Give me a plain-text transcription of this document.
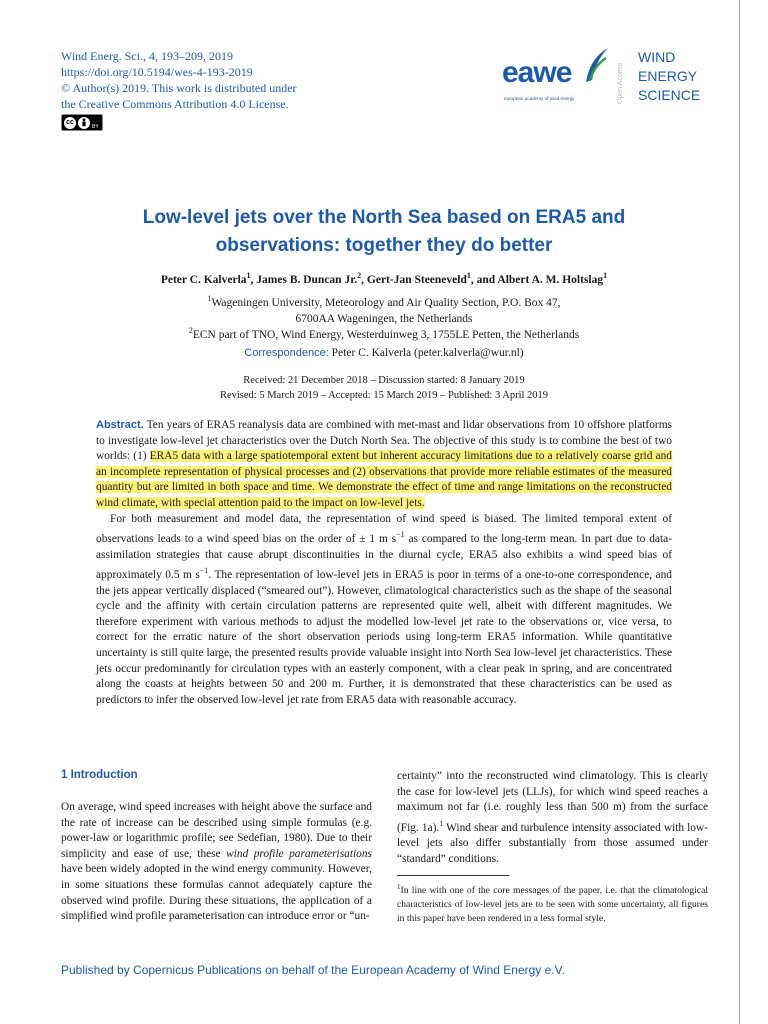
Wind Energ. Sci., 4, 193–209, 2019
https://doi.org/10.5194/wes-4-193-2019
© Author(s) 2019. This work is distributed under
the Creative Commons Attribution 4.0 License.
cc
BY
eawe
european academy of wind energy	Open Access
WIND
ENERGY
SCIENCE
Low-level jets over the North Sea based on ERA5 and
observations: together they do better
Peter C. Kalverla$^1$, James B. Duncan Jr.$^2$, Gert-Jan Steeneveld$^1$, and Albert A. M. Holtslag$^1$
$^1$Wageningen University, Meteorology and Air Quality Section, P.O. Box 47,
6700AA Wageningen, the Netherlands
$^2$ECN part of TNO, Wind Energy, Westerduinweg 3, 1755LE Petten, the Netherlands
Correspondence: Peter C. Kalverla (peter.kalverla@wur.nl)
Received: 21 December 2018 – Discussion started: 8 January 2019
Revised: 5 March 2019 – Accepted: 15 March 2019 – Published: 3 April 2019

Abstract. Ten years of ERA5 reanalysis data are combined with met-mast and lidar observations from 10 offshore platforms to investigate low-level jet characteristics over the Dutch North Sea. The objective of this study is to combine the best of two worlds: (1) ERA5 data with a large spatiotemporal extent but inherent accuracy limitations due to a relatively coarse grid and an incomplete representation of physical processes and (2) observations that provide more reliable estimates of the measured quantity but are limited in both space and time. We demonstrate the effect of time and range limitations on the reconstructed wind climate, with special attention paid to the impact on low-level jets.

For both measurement and model data, the representation of wind speed is biased. The limited temporal extent of observations leads to a wind speed bias on the order of ± 1 m $s^{-1}$ as compared to the long-term mean. In part due to data-assimilation strategies that cause abrupt discontinuities in the diurnal cycle, ERA5 also exhibits a wind speed bias of approximately 0.5 m $s^{-1}$. The representation of low-level jets in ERA5 is poor in terms of a one-to-one correspondence, and the jets appear vertically displaced (“smeared out”). However, climatological characteristics such as the shape of the seasonal cycle and the affinity with certain circulation patterns are represented quite well, albeit with different magnitudes. We therefore experiment with various methods to adjust the modelled low-level jet rate to the observations or, vice versa, to correct for the erratic nature of the short observation periods using long-term ERA5 information. While quantitative uncertainty is still quite large, the presented results provide valuable insight into North Sea low-level jet characteristics. These jets occur predominantly for circulation types with an easterly component, with a clear peak in spring, and are concentrated along the coasts at heights between 50 and 200 m. Further, it is demonstrated that these characteristics can be used as predictors to infer the observed low-level jet rate from ERA5 data with reasonable accuracy.

1 Introduction

On average, wind speed increases with height above the surface and the rate of increase can be described using simple formulas (e.g. power-law or logarithmic profile; see Sedefian, 1980). Due to their simplicity and ease of use, these wind profile parameterisations have been widely adopted in the wind energy community. However, in some situations these formulas cannot adequately capture the observed wind profile. During these situations, the application of a simplified wind profile parameterisation can introduce error or “un-

certainty” into the reconstructed wind climatology. This is clearly the case for low-level jets (LLJs), for which wind speed reaches a maximum not far (i.e. roughly less than 500 m) from the surface (Fig. 1a).$^1$ Wind shear and turbulence intensity associated with low-level jets also differ substantially from those assumed under “standard” conditions.

$^1$In line with one of the core messages of the paper, i.e. that the climatological characteristics of low-level jets are to be seen with some uncertainty, all figures in this paper have been rendered in a less formal style.
Published by Copernicus Publications on behalf of the European Academy of Wind Energy e.V.
